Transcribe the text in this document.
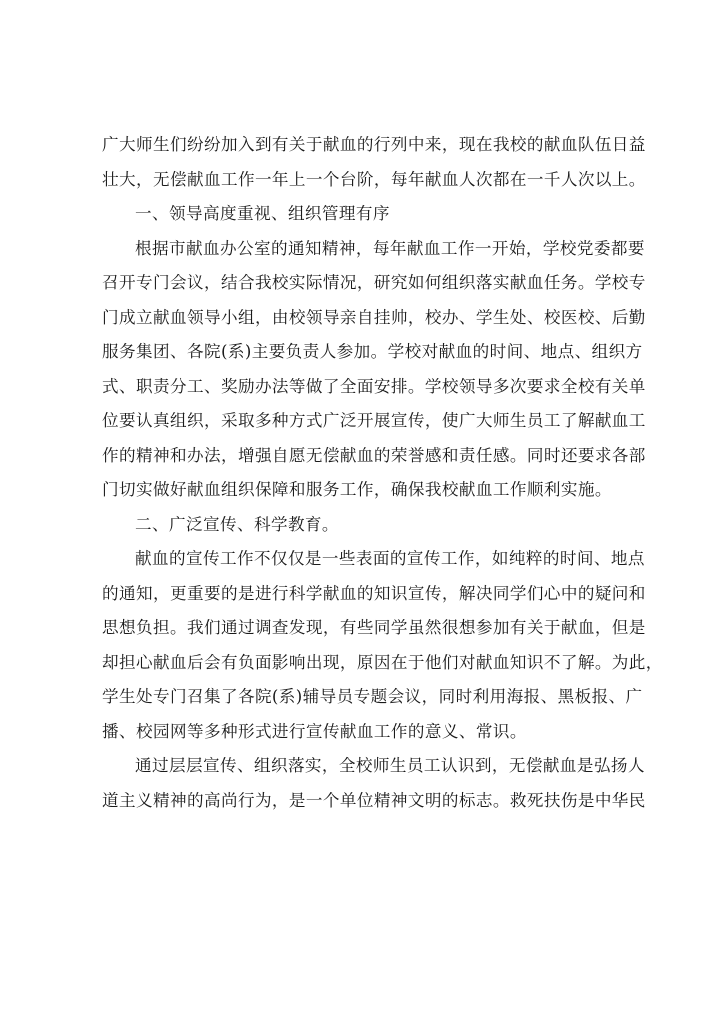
广大师生们纷纷加入到有关于献血的行列中来，现在我校的献血队伍日益
壮大，无偿献血工作一年上一个台阶，每年献血人次都在一千人次以上。

一、领导高度重视、组织管理有序

根据市献血办公室的通知精神，每年献血工作一开始，学校党委都要
召开专门会议，结合我校实际情况，研究如何组织落实献血任务。学校专
门成立献血领导小组，由校领导亲自挂帅，校办、学生处、校医校、后勤
服务集团、各院(系)主要负责人参加。学校对献血的时间、地点、组织方
式、职责分工、奖励办法等做了全面安排。学校领导多次要求全校有关单
位要认真组织，采取多种方式广泛开展宣传，使广大师生员工了解献血工
作的精神和办法，增强自愿无偿献血的荣誉感和责任感。同时还要求各部
门切实做好献血组织保障和服务工作，确保我校献血工作顺利实施。

二、广泛宣传、科学教育。

献血的宣传工作不仅仅是一些表面的宣传工作，如纯粹的时间、地点
的通知，更重要的是进行科学献血的知识宣传，解决同学们心中的疑问和
思想负担。我们通过调查发现，有些同学虽然很想参加有关于献血，但是
却担心献血后会有负面影响出现，原因在于他们对献血知识不了解。为此，
学生处专门召集了各院(系)辅导员专题会议，同时利用海报、黑板报、广
播、校园网等多种形式进行宣传献血工作的意义、常识。

通过层层宣传、组织落实，全校师生员工认识到，无偿献血是弘扬人
道主义精神的高尚行为，是一个单位精神文明的标志。救死扶伤是中华民
